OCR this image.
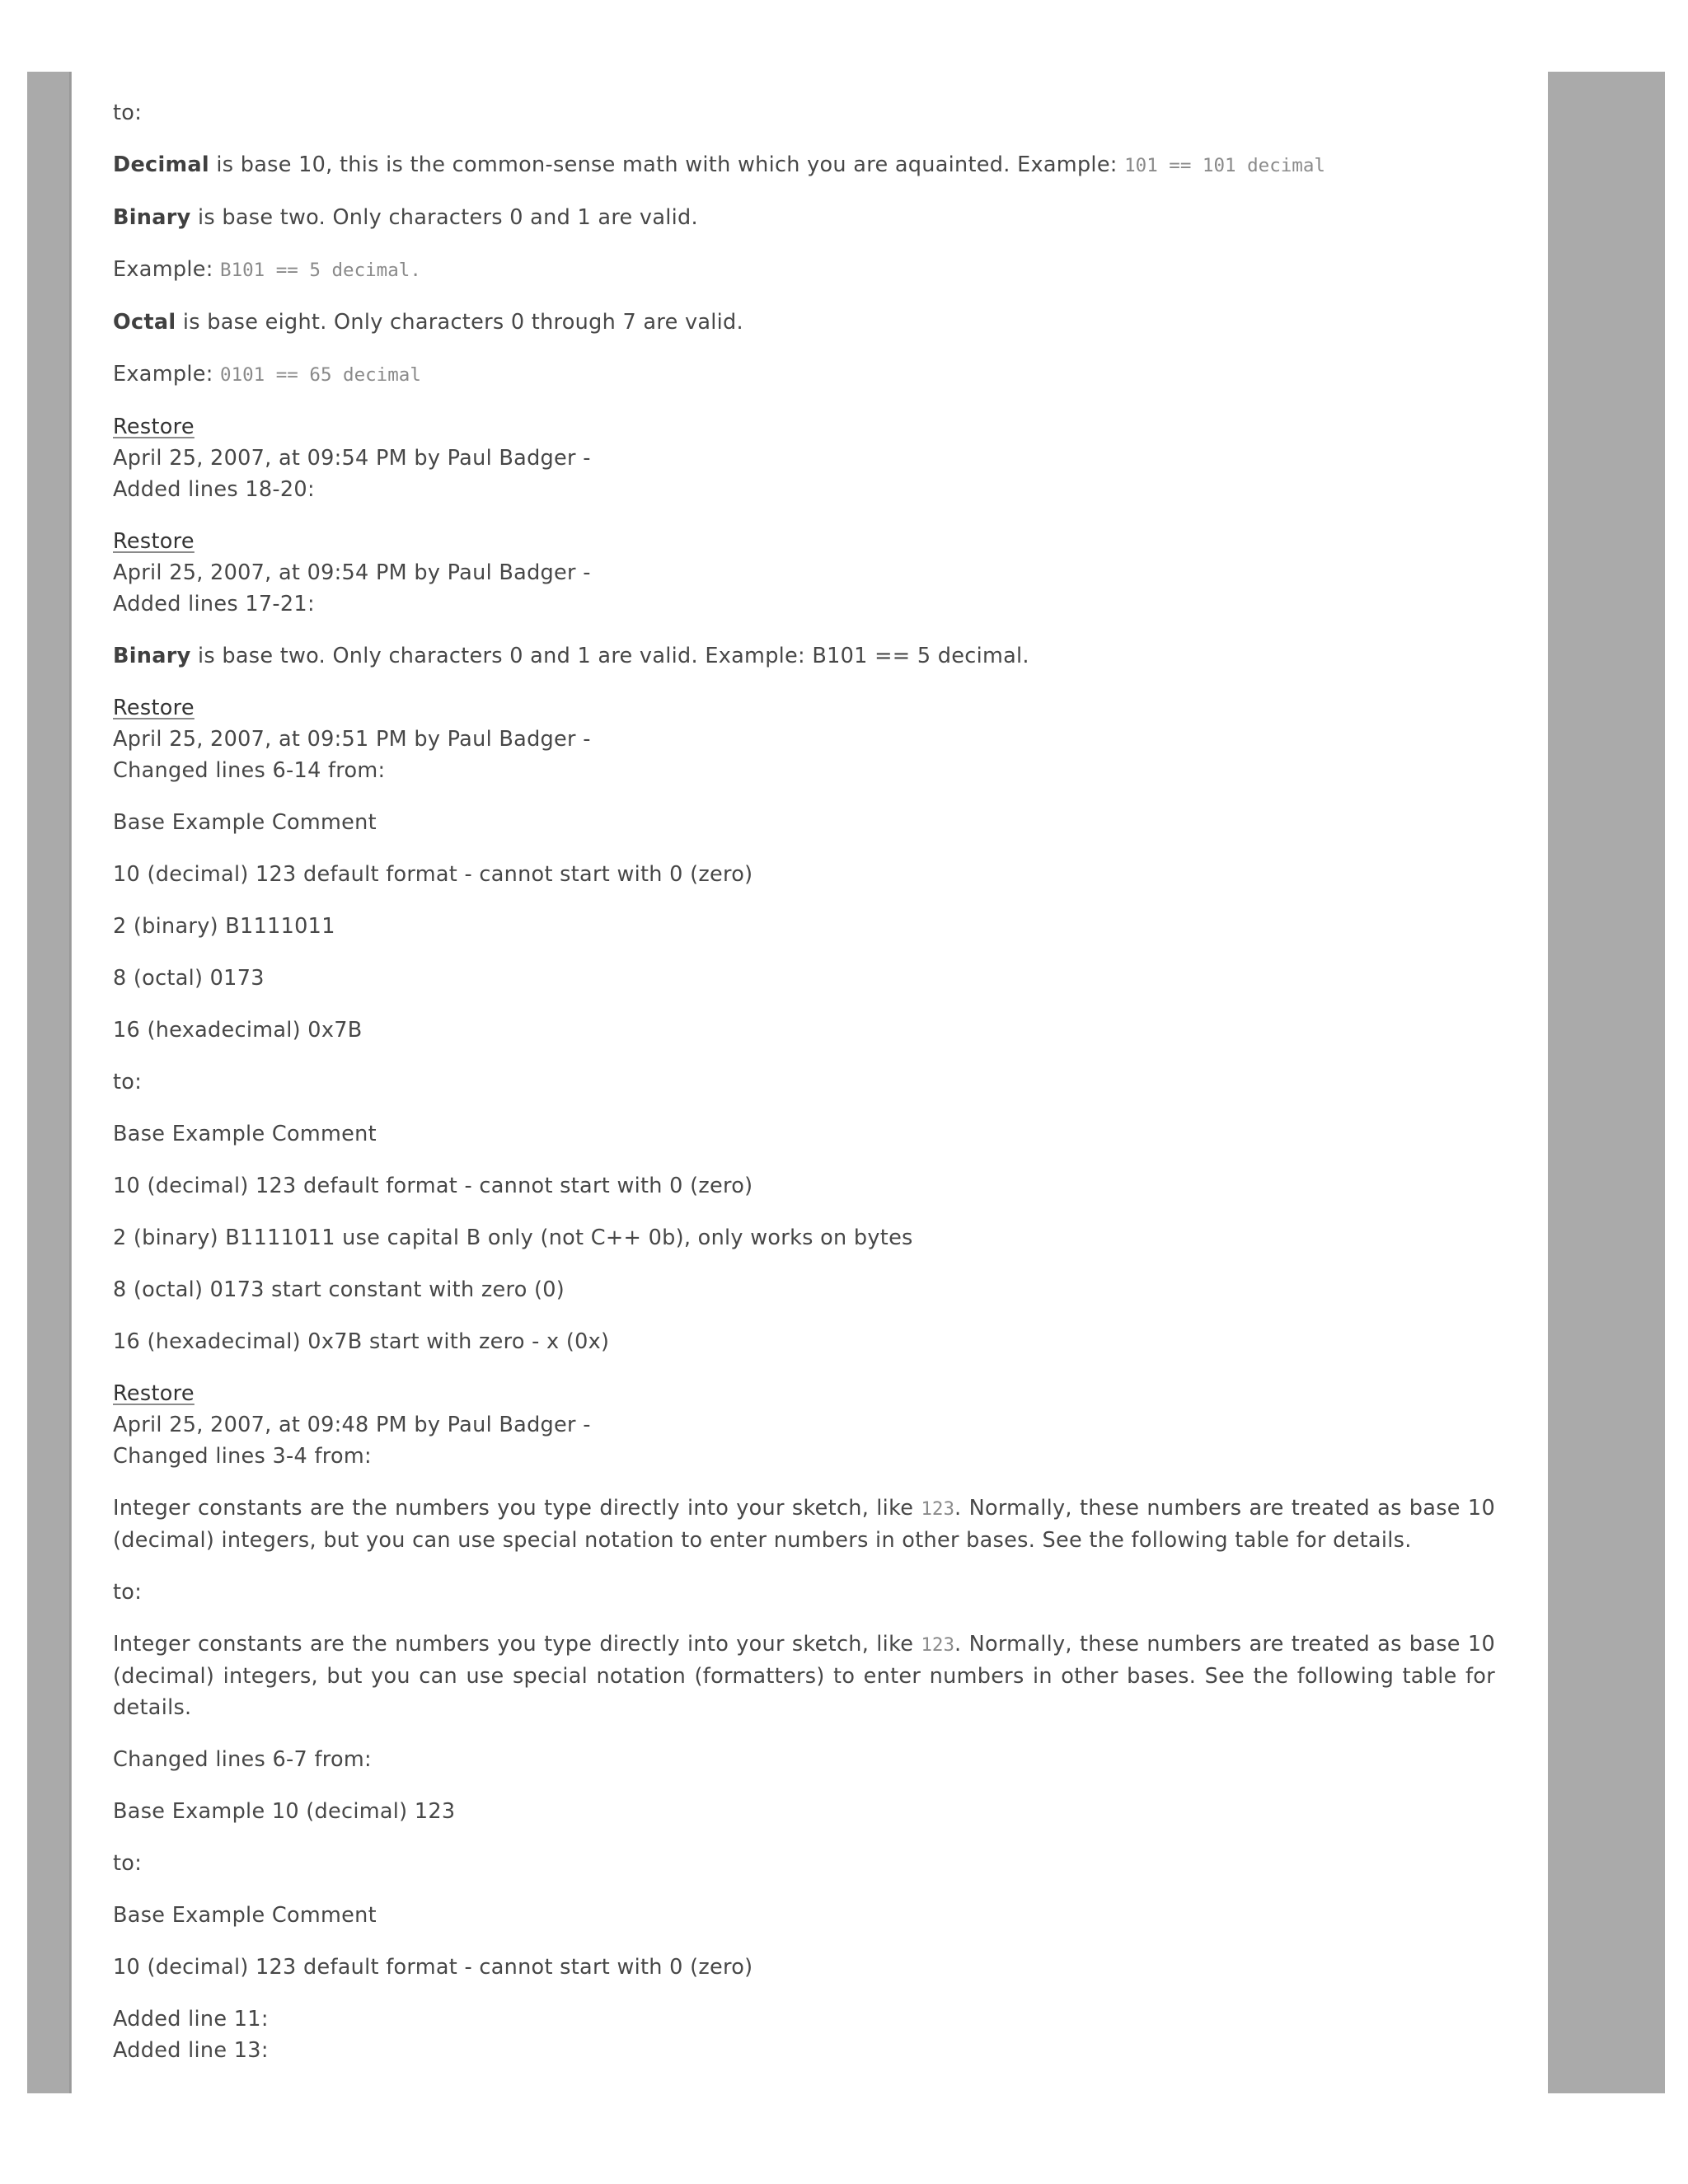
to:

Decimal is base 10, this is the common-sense math with which you are aquainted. Example: 101 == 101 decimal

Binary is base two. Only characters 0 and 1 are valid.

Example: B101 == 5 decimal.

Octal is base eight. Only characters 0 through 7 are valid.

Example: 0101 == 65 decimal

Restore
April 25, 2007, at 09:54 PM by Paul Badger -
Added lines 18-20:
Restore
April 25, 2007, at 09:54 PM by Paul Badger -
Added lines 17-21:

Binary is base two. Only characters 0 and 1 are valid. Example: B101 == 5 decimal.

Restore
April 25, 2007, at 09:51 PM by Paul Badger -
Changed lines 6-14 from:

Base Example Comment

10 (decimal) 123 default format - cannot start with 0 (zero)

2 (binary) B1111011

8 (octal) 0173

16 (hexadecimal) 0x7B

to:

Base Example Comment

10 (decimal) 123 default format - cannot start with 0 (zero)

2 (binary) B1111011 use capital B only (not C++ 0b), only works on bytes

8 (octal) 0173 start constant with zero (0)

16 (hexadecimal) 0x7B start with zero - x (0x)

Restore
April 25, 2007, at 09:48 PM by Paul Badger -
Changed lines 3-4 from:

Integer constants are the numbers you type directly into your sketch, like 123. Normally, these numbers are treated as base 10 (decimal) integers, but you can use special notation to enter numbers in other bases. See the following table for details.

to:

Integer constants are the numbers you type directly into your sketch, like 123. Normally, these numbers are treated as base 10 (decimal) integers, but you can use special notation (formatters) to enter numbers in other bases. See the following table for details.

Changed lines 6-7 from:

Base Example 10 (decimal) 123

to:

Base Example Comment

10 (decimal) 123 default format - cannot start with 0 (zero)

Added line 11:
Added line 13:
